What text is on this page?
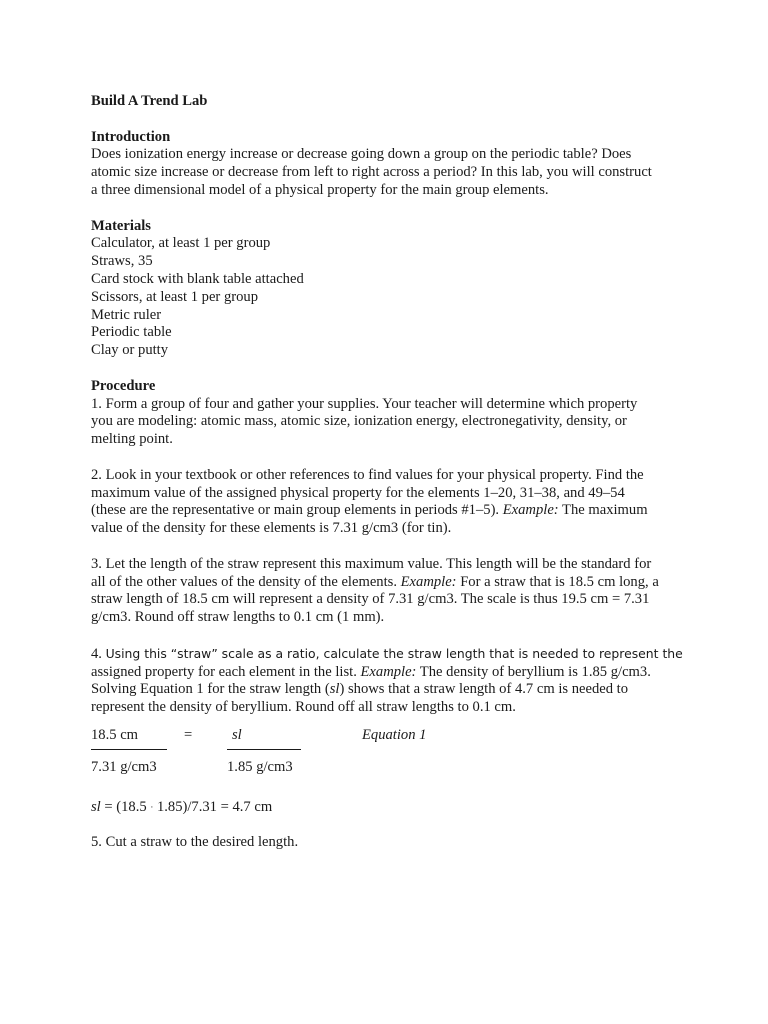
Build A Trend Lab

Introduction

Does ionization energy increase or decrease going down a group on the periodic table? Does

atomic size increase or decrease from left to right across a period? In this lab, you will construct

a three dimensional model of a physical property for the main group elements.

Materials

Calculator, at least 1 per group

Straws, 35

Card stock with blank table attached

Scissors, at least 1 per group

Metric ruler

Periodic table

Clay or putty

Procedure

1. Form a group of four and gather your supplies. Your teacher will determine which property

you are modeling: atomic mass, atomic size, ionization energy, electronegativity, density, or

melting point.

2. Look in your textbook or other references to find values for your physical property. Find the

maximum value of the assigned physical property for the elements 1–20, 31–38, and 49–54

(these are the representative or main group elements in periods #1–5). Example: The maximum

value of the density for these elements is 7.31 g/cm3 (for tin).

3. Let the length of the straw represent this maximum value. This length will be the standard for

all of the other values of the density of the elements. Example: For a straw that is 18.5 cm long, a

straw length of 18.5 cm will represent a density of 7.31 g/cm3. The scale is thus 19.5 cm = 7.31

g/cm3. Round off straw lengths to 0.1 cm (1 mm).

4. Using this “straw” scale as a ratio, calculate the straw length that is needed to represent the

assigned property for each element in the list. Example: The density of beryllium is 1.85 g/cm3.

Solving Equation 1 for the straw length (sl) shows that a straw length of 4.7 cm is needed to

represent the density of beryllium. Round off all straw lengths to 0.1 cm.

18.5 cm	=	sl	Equation 1
7.31 g/cm3	1.85 g/cm3

sl = (18.5 · 1.85)/7.31 = 4.7 cm

5. Cut a straw to the desired length.
